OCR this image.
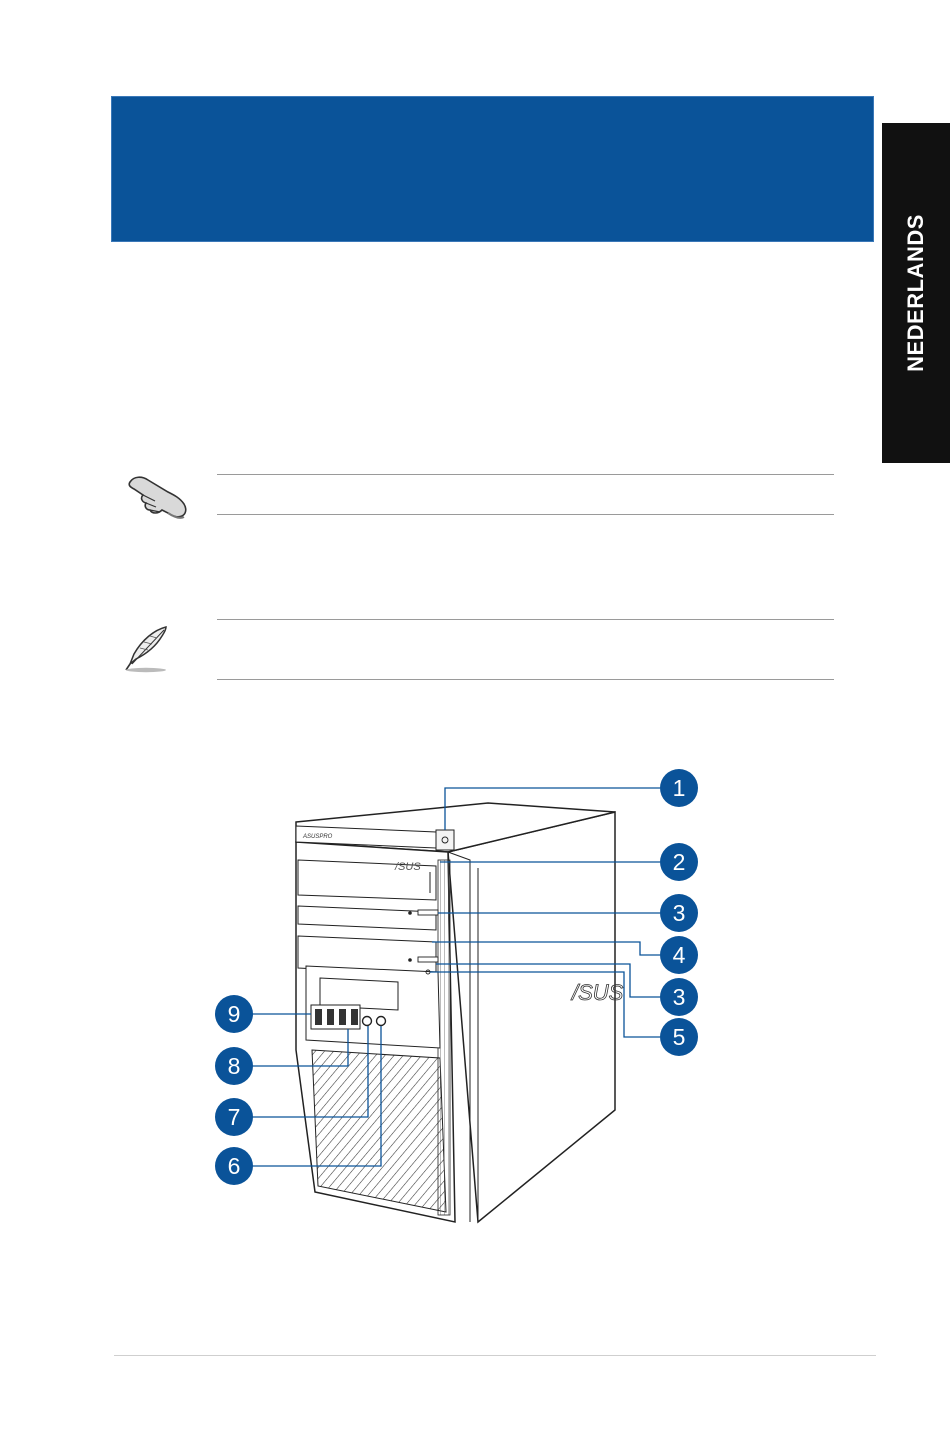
NEDERLANDS
ASUSPRO
/SUS
/SUS
1
2
3
4
3
5
9
8
7
6
